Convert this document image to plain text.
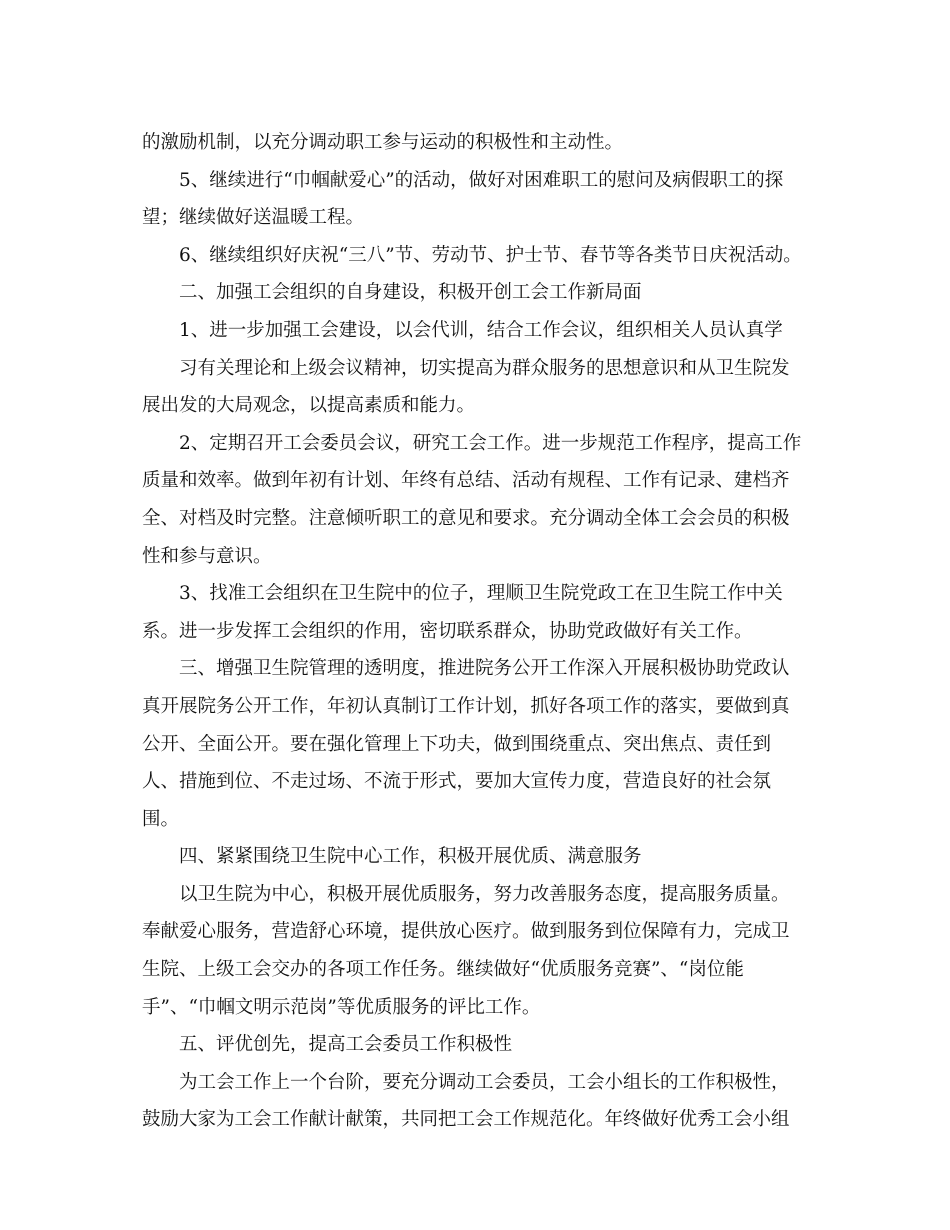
的激励机制，以充分调动职工参与运动的积极性和主动性。
5、继续进行“巾帼献爱心”的活动，做好对困难职工的慰问及病假职工的探
望；继续做好送温暖工程。
6、继续组织好庆祝“三八”节、劳动节、护士节、春节等各类节日庆祝活动。
二、加强工会组织的自身建设，积极开创工会工作新局面
1、进一步加强工会建设，以会代训，结合工作会议，组织相关人员认真学
习有关理论和上级会议精神，切实提高为群众服务的思想意识和从卫生院发
展出发的大局观念，以提高素质和能力。
2、定期召开工会委员会议，研究工会工作。进一步规范工作程序，提高工作
质量和效率。做到年初有计划、年终有总结、活动有规程、工作有记录、建档齐
全、对档及时完整。注意倾听职工的意见和要求。充分调动全体工会会员的积极
性和参与意识。
3、找准工会组织在卫生院中的位子，理顺卫生院党政工在卫生院工作中关
系。进一步发挥工会组织的作用，密切联系群众，协助党政做好有关工作。
三、增强卫生院管理的透明度，推进院务公开工作深入开展积极协助党政认
真开展院务公开工作，年初认真制订工作计划，抓好各项工作的落实，要做到真
公开、全面公开。要在强化管理上下功夫，做到围绕重点、突出焦点、责任到
人、措施到位、不走过场、不流于形式，要加大宣传力度，营造良好的社会氛
围。
四、紧紧围绕卫生院中心工作，积极开展优质、满意服务
以卫生院为中心，积极开展优质服务，努力改善服务态度，提高服务质量。
奉献爱心服务，营造舒心环境，提供放心医疗。做到服务到位保障有力，完成卫
生院、上级工会交办的各项工作任务。继续做好“优质服务竞赛”、“岗位能
手”、“巾帼文明示范岗”等优质服务的评比工作。
五、评优创先，提高工会委员工作积极性
为工会工作上一个台阶，要充分调动工会委员，工会小组长的工作积极性，
鼓励大家为工会工作献计献策，共同把工会工作规范化。年终做好优秀工会小组
